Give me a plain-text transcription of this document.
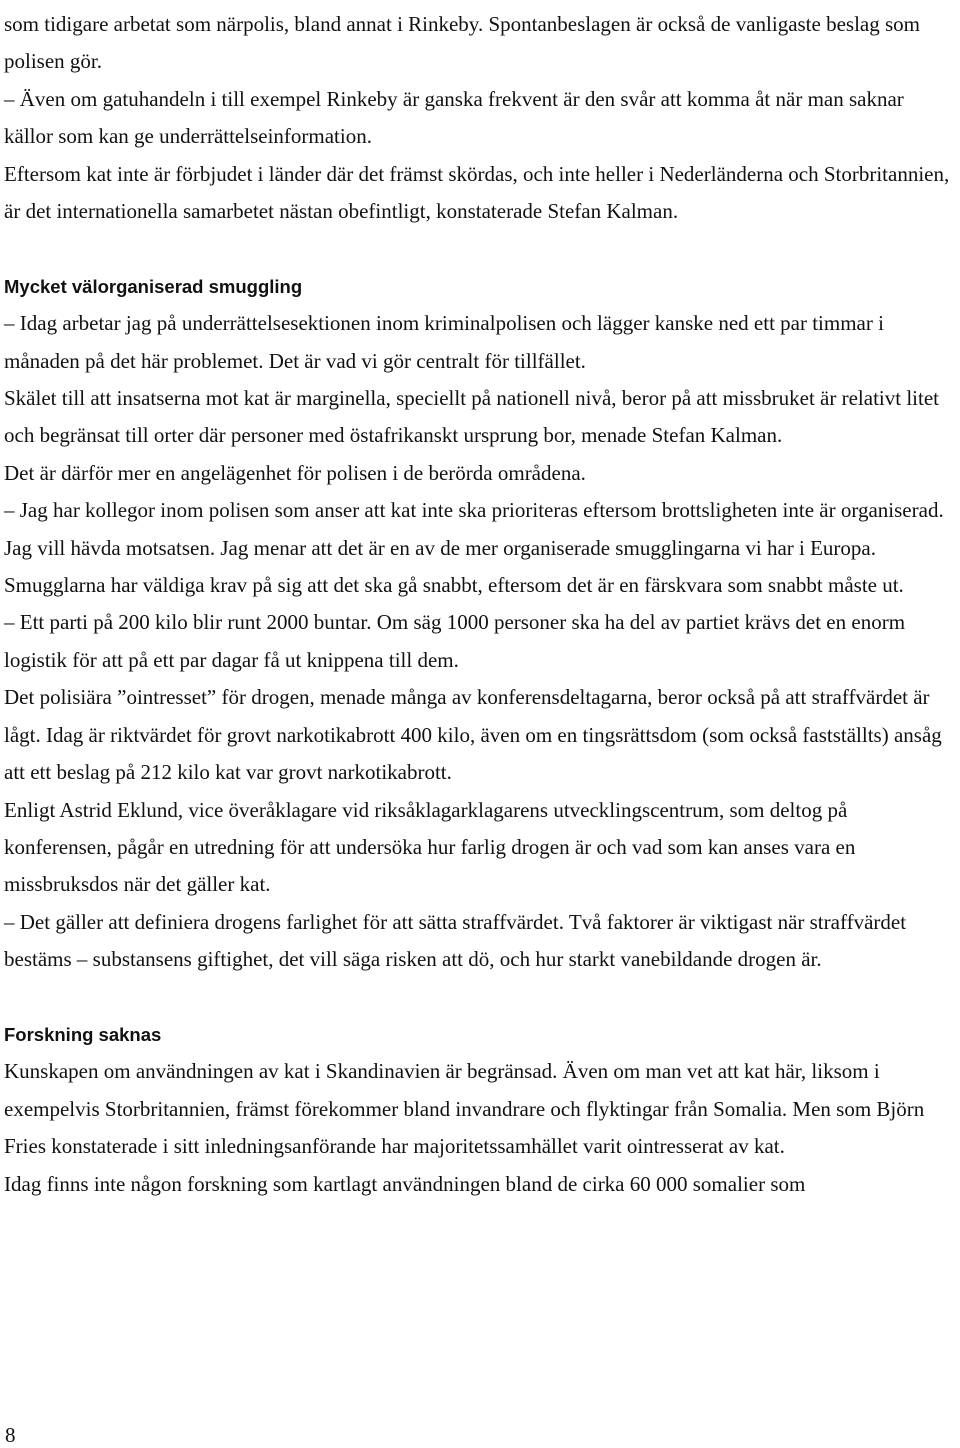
som tidigare arbetat som närpolis, bland annat i Rinkeby. Spontanbeslagen är också de vanligaste beslag som polisen gör.

– Även om gatuhandeln i till exempel Rinkeby är ganska frekvent är den svår att komma åt när man saknar källor som kan ge underrättelseinformation.

Eftersom kat inte är förbjudet i länder där det främst skördas, och inte heller i Nederländerna och Storbritannien, är det internationella samarbetet nästan obefintligt, konstaterade Stefan Kalman.

Mycket välorganiserad smuggling

– Idag arbetar jag på underrättelsesektionen inom kriminalpolisen och lägger kanske ned ett par timmar i månaden på det här problemet. Det är vad vi gör centralt för tillfället.

Skälet till att insatserna mot kat är marginella, speciellt på nationell nivå, beror på att missbruket är relativt litet och begränsat till orter där personer med östafrikanskt ursprung bor, menade Stefan Kalman.

Det är därför mer en angelägenhet för polisen i de berörda områdena.

– Jag har kollegor inom polisen som anser att kat inte ska prioriteras eftersom brottsligheten inte är organiserad. Jag vill hävda motsatsen. Jag menar att det är en av de mer organiserade smugglingarna vi har i Europa. Smugglarna har väldiga krav på sig att det ska gå snabbt, eftersom det är en färskvara som snabbt måste ut.

– Ett parti på 200 kilo blir runt 2000 buntar. Om säg 1000 personer ska ha del av partiet krävs det en enorm logistik för att på ett par dagar få ut knippena till dem.

Det polisiära ”ointresset” för drogen, menade många av konferensdeltagarna, beror också på att straffvärdet är lågt. Idag är riktvärdet för grovt narkotikabrott 400 kilo, även om en tingsrättsdom (som också fastställts) ansåg att ett beslag på 212 kilo kat var grovt narkotikabrott.

Enligt Astrid Eklund, vice överåklagare vid riksåklagarklagarens utvecklingscentrum, som deltog på konferensen, pågår en utredning för att undersöka hur farlig drogen är och vad som kan anses vara en missbruksdos när det gäller kat.

– Det gäller att definiera drogens farlighet för att sätta straffvärdet. Två faktorer är viktigast när straffvärdet bestäms – substansens giftighet, det vill säga risken att dö, och hur starkt vanebildande drogen är.

Forskning saknas

Kunskapen om användningen av kat i Skandinavien är begränsad. Även om man vet att kat här, liksom i exempelvis Storbritannien, främst förekommer bland invandrare och flyktingar från Somalia. Men som Björn Fries konstaterade i sitt inledningsanförande har majoritetssamhället varit ointresserat av kat.

Idag finns inte någon forskning som kartlagt användningen bland de cirka 60 000 somalier som

8
